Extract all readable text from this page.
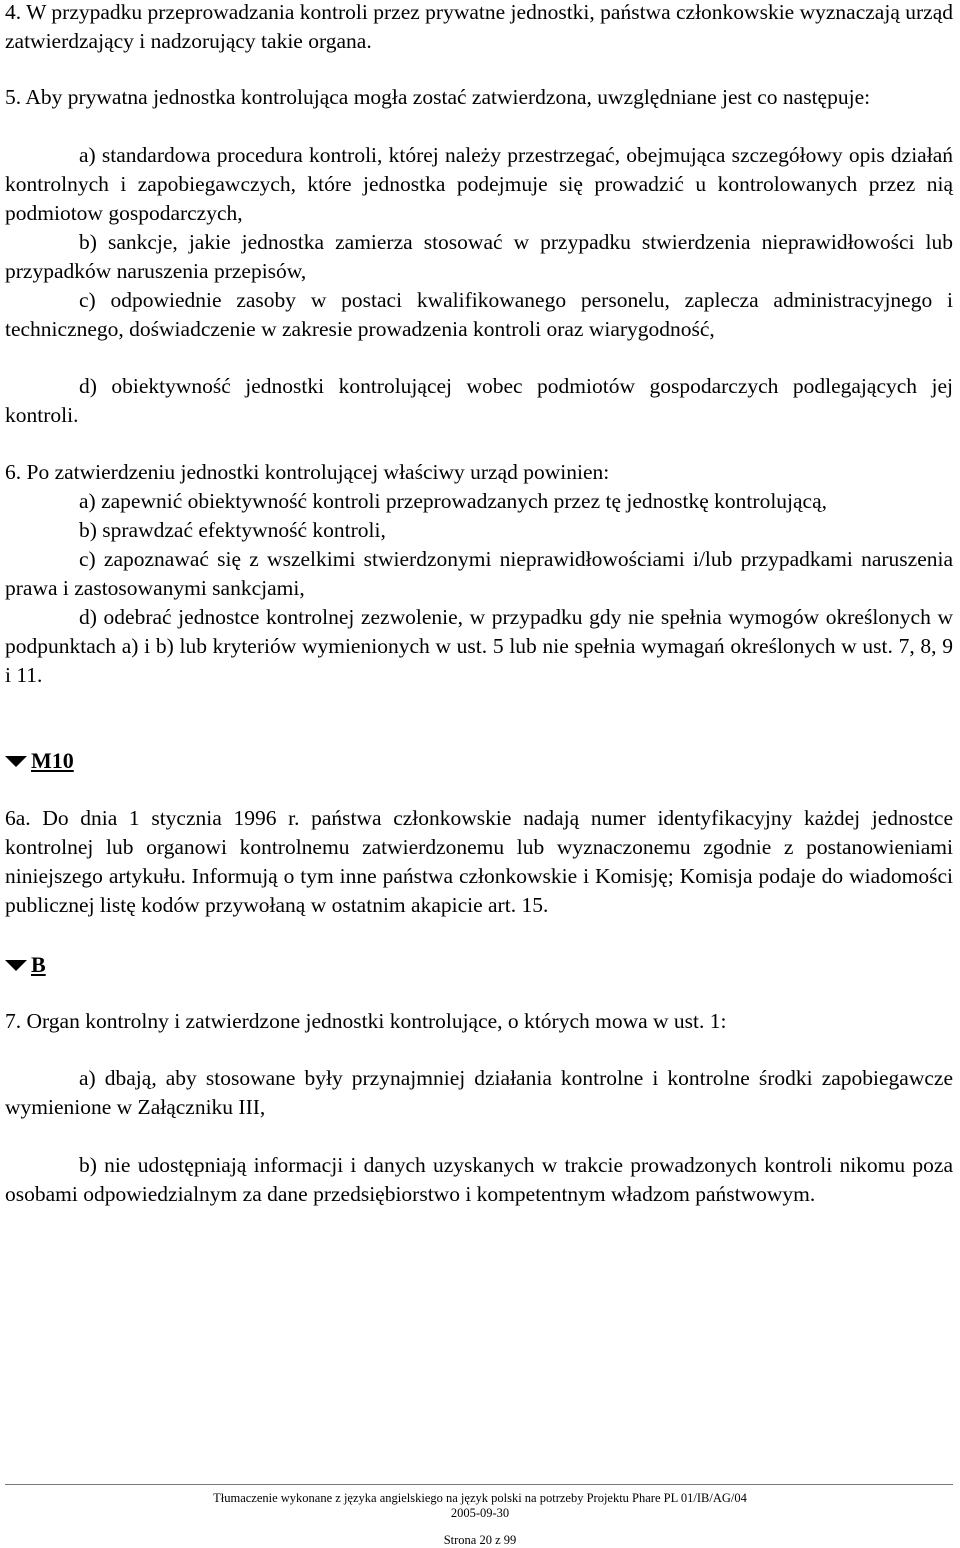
4. W przypadku przeprowadzania kontroli przez prywatne jednostki, państwa członkowskie wyznaczają urząd zatwierdzający i nadzorujący takie organa.

5. Aby prywatna jednostka kontrolująca mogła zostać zatwierdzona, uwzględniane jest co następuje:

a) standardowa procedura kontroli, której należy przestrzegać, obejmująca szczegółowy opis działań kontrolnych i zapobiegawczych, które jednostka podejmuje się prowadzić u kontrolowanych przez nią podmiotow gospodarczych,

b) sankcje, jakie jednostka zamierza stosować w przypadku stwierdzenia nieprawidłowości lub przypadków naruszenia przepisów,

c) odpowiednie zasoby w postaci kwalifikowanego personelu, zaplecza administracyjnego i technicznego, doświadczenie w zakresie prowadzenia kontroli oraz wiarygodność,

d) obiektywność jednostki kontrolującej wobec podmiotów gospodarczych podlegających jej kontroli.

6. Po zatwierdzeniu jednostki kontrolującej właściwy urząd powinien:

a) zapewnić obiektywność kontroli przeprowadzanych przez tę jednostkę kontrolującą,

b) sprawdzać efektywność kontroli,

c) zapoznawać się z wszelkimi stwierdzonymi nieprawidłowościami i/lub przypadkami naruszenia prawa i zastosowanymi sankcjami,

d) odebrać jednostce kontrolnej zezwolenie, w przypadku gdy nie spełnia wymogów określonych w podpunktach a) i b) lub kryteriów wymienionych w ust. 5 lub nie spełnia wymagań określonych w ust. 7, 8, 9 i 11.

M10

6a. Do dnia 1 stycznia 1996 r. państwa członkowskie nadają numer identyfikacyjny każdej jednostce kontrolnej lub organowi kontrolnemu zatwierdzonemu lub wyznaczonemu zgodnie z postanowieniami niniejszego artykułu. Informują o tym inne państwa członkowskie i Komisję; Komisja podaje do wiadomości publicznej listę kodów przywołaną w ostatnim akapicie art. 15.

B

7. Organ kontrolny i zatwierdzone jednostki kontrolujące, o których mowa w ust. 1:

a) dbają, aby stosowane były przynajmniej działania kontrolne i kontrolne środki zapobiegawcze wymienione w Załączniku III,

b) nie udostępniają informacji i danych uzyskanych w trakcie prowadzonych kontroli nikomu poza osobami odpowiedzialnym za dane przedsiębiorstwo i kompetentnym władzom państwowym.

Tłumaczenie wykonane z języka angielskiego na język polski na potrzeby Projektu Phare PL 01/IB/AG/04
2005-09-30
Strona 20 z 99
